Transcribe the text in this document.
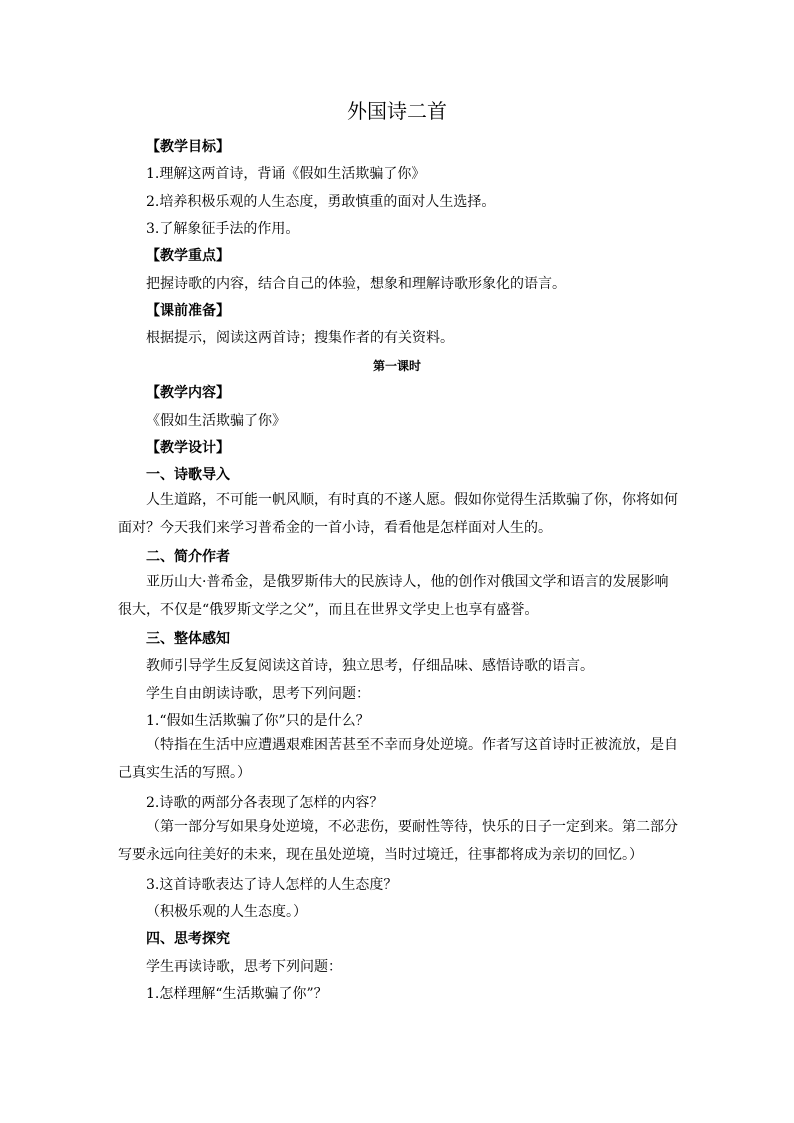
外国诗二首
【教学目标】
1.理解这两首诗，背诵《假如生活欺骗了你》
2.培养积极乐观的人生态度，勇敢慎重的面对人生选择。
3.了解象征手法的作用。
【教学重点】
把握诗歌的内容，结合自己的体验，想象和理解诗歌形象化的语言。
【课前准备】
根据提示，阅读这两首诗；搜集作者的有关资料。
第一课时
【教学内容】
《假如生活欺骗了你》
【教学设计】
一、诗歌导入
人生道路，不可能一帆风顺，有时真的不遂人愿。假如你觉得生活欺骗了你，你将如何面对？今天我们来学习普希金的一首小诗，看看他是怎样面对人生的。
二、简介作者
亚历山大·普希金，是俄罗斯伟大的民族诗人，他的创作对俄国文学和语言的发展影响很大，不仅是“俄罗斯文学之父”，而且在世界文学史上也享有盛誉。
三、整体感知
教师引导学生反复阅读这首诗，独立思考，仔细品味、感悟诗歌的语言。
学生自由朗读诗歌，思考下列问题：
1.“假如生活欺骗了你”只的是什么？
（特指在生活中应遭遇艰难困苦甚至不幸而身处逆境。作者写这首诗时正被流放，是自己真实生活的写照。）
2.诗歌的两部分各表现了怎样的内容？
（第一部分写如果身处逆境，不必悲伤，要耐性等待，快乐的日子一定到来。第二部分写要永远向往美好的未来，现在虽处逆境，当时过境迁，往事都将成为亲切的回忆。）
3.这首诗歌表达了诗人怎样的人生态度？
（积极乐观的人生态度。）
四、思考探究
学生再读诗歌，思考下列问题：
1.怎样理解“生活欺骗了你”？
